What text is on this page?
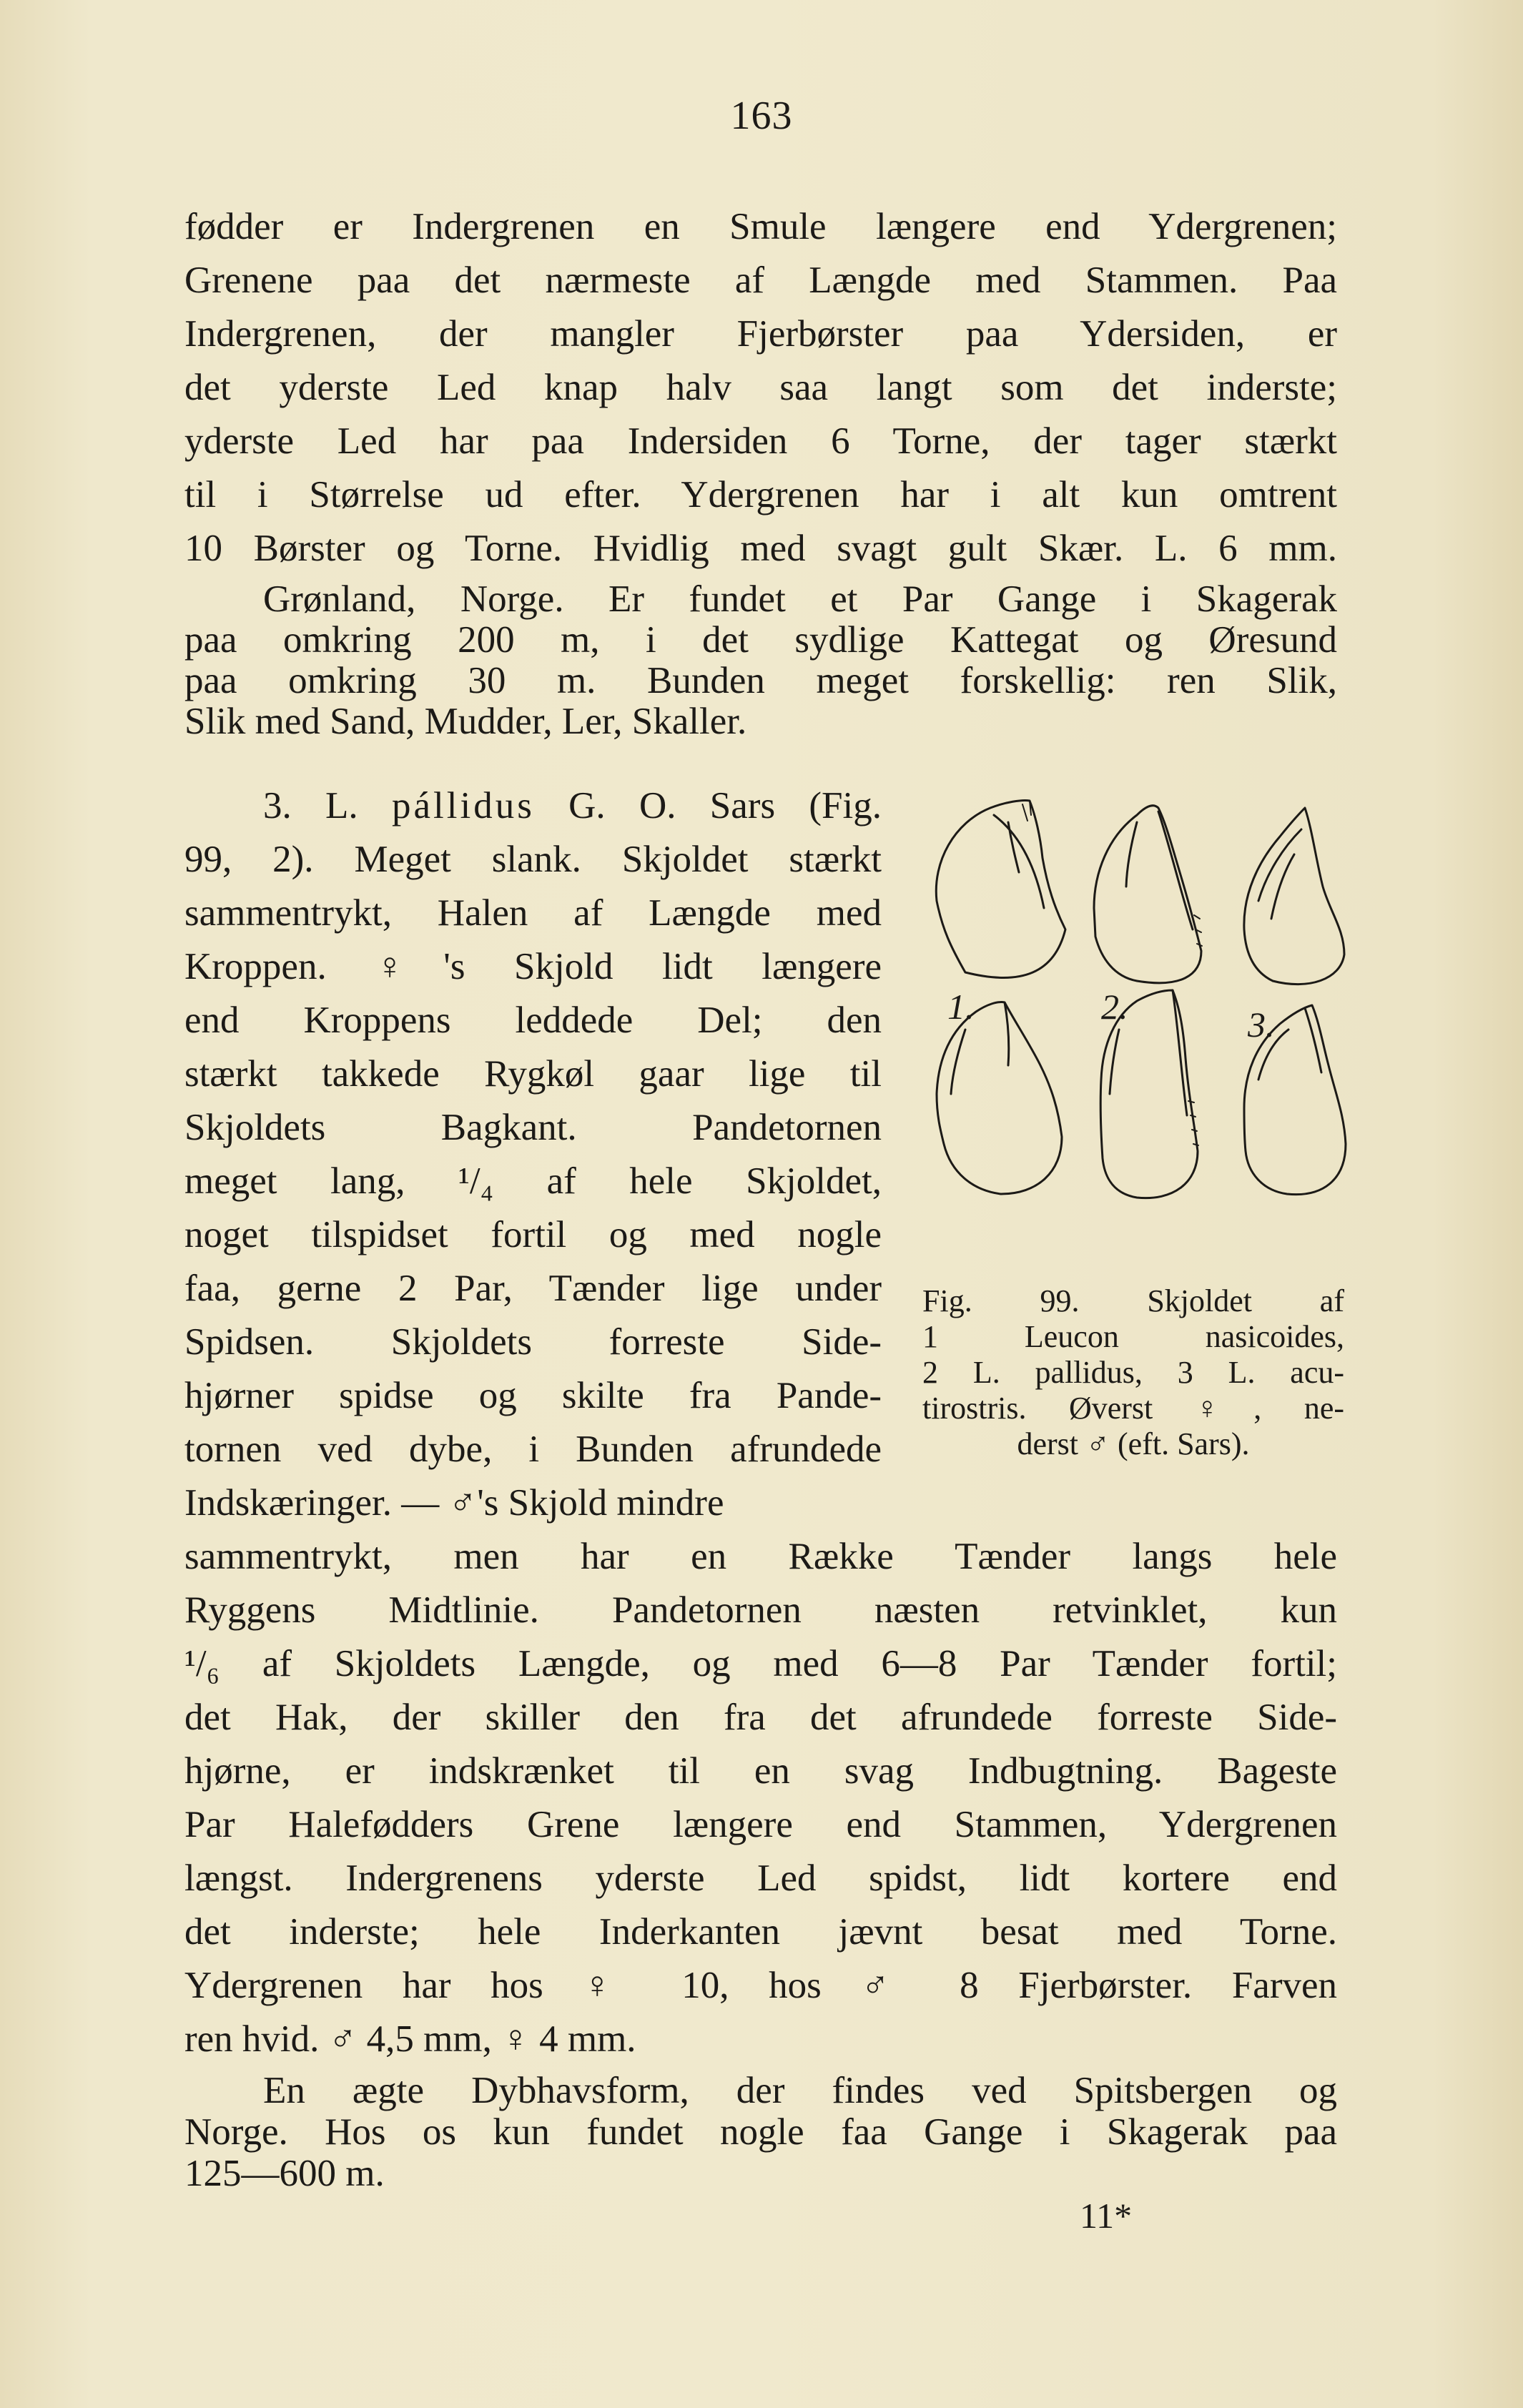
163
fødder er Indergrenen en Smule længere end Ydergrenen;
Grenene paa det nærmeste af Længde med Stammen. Paa
Indergrenen, der mangler Fjerbørster paa Ydersiden, er
det yderste Led knap halv saa langt som det inderste;
yderste Led har paa Indersiden 6 Torne, der tager stærkt
til i Størrelse ud efter. Ydergrenen har i alt kun omtrent
10 Børster og Torne. Hvidlig med svagt gult Skær. L. 6 mm.
Grønland, Norge. Er fundet et Par Gange i Skagerak
paa omkring 200 m, i det sydlige Kattegat og Øresund
paa omkring 30 m. Bunden meget forskellig: ren Slik,
Slik med Sand, Mudder, Ler, Skaller.
3. L. pállidus G. O. Sars (Fig.
99, 2). Meget slank. Skjoldet stærkt
sammentrykt, Halen af Længde med
Kroppen. ♀'s Skjold lidt længere
end Kroppens leddede Del; den
stærkt takkede Rygkøl gaar lige til
Skjoldets Bagkant. Pandetornen
meget lang, ¹/₄ af hele Skjoldet,
noget tilspidset fortil og med nogle
faa, gerne 2 Par, Tænder lige under
Spidsen. Skjoldets forreste Side-
hjørner spidse og skilte fra Pande-
tornen ved dybe, i Bunden afrundede
Indskæringer. — ♂'s Skjold mindre
1.	2.	3.
Fig. 99. Skjoldet af
1 Leucon nasicoides,
2 L. pallidus, 3 L. acu-
tirostris. Øverst ♀, ne-
derst ♂ (eft. Sars).
sammentrykt, men har en Række Tænder langs hele
Ryggens Midtlinie. Pandetornen næsten retvinklet, kun
¹/₆ af Skjoldets Længde, og med 6—8 Par Tænder fortil;
det Hak, der skiller den fra det afrundede forreste Side-
hjørne, er indskrænket til en svag Indbugtning. Bageste
Par Halefødders Grene længere end Stammen, Ydergrenen
længst. Indergrenens yderste Led spidst, lidt kortere end
det inderste; hele Inderkanten jævnt besat med Torne.
Ydergrenen har hos ♀ 10, hos ♂ 8 Fjerbørster. Farven
ren hvid. ♂ 4,5 mm, ♀ 4 mm.
En ægte Dybhavsform, der findes ved Spitsbergen og
Norge. Hos os kun fundet nogle faa Gange i Skagerak paa
125—600 m.
11*
